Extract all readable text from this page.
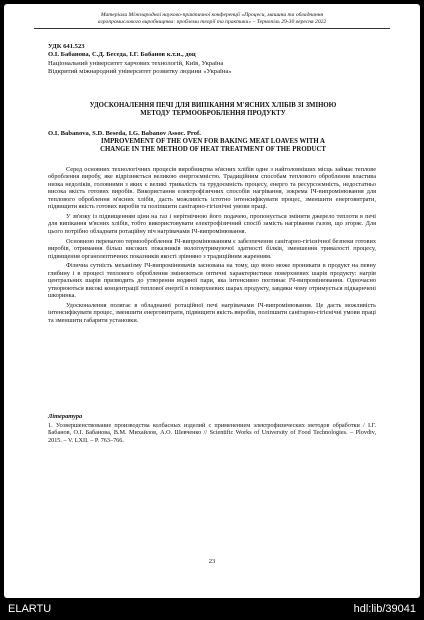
Матеріали Міжнародної науково-практичної конференції «Процеси, машини та обладнання
агропромислового виробництва: проблеми теорії та практики» – Тернопіль 29-30 вересня 2022
УДК 641.523
О.І. Бабанова, С.Д. Беседа, І.Г. Бабанов к.т.н., доц
Національний університет харчових технологій, Київ, Україна
Відкритий міжнародний університет розвитку людини «Україна»
УДОСКОНАЛЕННЯ ПЕЧІ ДЛЯ ВИПІКАННЯ М'ЯСНИХ ХЛІБІВ ЗІ ЗМІНОЮ
МЕТОДУ ТЕРМООБРОБЛЕННЯ ПРОДУКТУ
O.I. Babanova, S.D. Beseda, I.G. Babanov Assoc. Prof.
IMPROVEMENT OF THE OVEN FOR BAKING MEAT LOAVES WITH A
CHANGE IN THE METHOD OF HEAT TREATMENT OF THE PRODUCT

Серед основних технологічних процесів виробництва м'ясних хлібів одне з найголовніших місць займає теплове оброблення виробу, яке відрізняється великою енергоємністю. Традиційним способам теплового оброблення властива низка недоліків, головними з яких є великі тривалість та трудоємність процесу, енерго та ресурсоємність, недостатньо висока якість готових виробів. Використання електрофізичних способів нагрівання, зокрема ІЧ-випромінювання для теплового оброблення м'ясних хлібів, дасть можливість істотно інтенсифікувати процес, зменшити енерговитрати, підвищити якість готових виробів та поліпшити санітарно-гігієнічні умови праці.

У зв'язку із підвищенням ціни на газ і нерітмічною його подачею, пропонується змінити джерело теплоти в печі для випікання м'ясних хлібів, тобто використовувати електрофізичний спосіб замість нагрівання газом, що згоряє. Для цього потрібно обладнати ротаційну піч нагрівачами ІЧ-випромінювання.

Основною перевагою термооброблення ІЧ-випромінюванням є забезпечення санітарно-гігієнічної безпеки готових виробів, отримання більш високих показників вологоутримуючої здатності білків, зменшення тривалості процесу, підвищення органолептичних показників якості зрівняно з традиційним жаренням.

Фізична сутність механізму ІЧ-випромінювачів заснована на тому, що воно може проникати в продукт на певну глибину і в процесі теплового оброблення змінюються оптичні характеристики поверхневих шарів продукту: нагрів центральних шарів призводить до утворення водяної пари, яка інтенсивно поглинає ІЧ-випромінювання. Одночасно утворюються високі концентрації теплової енергії в поверхневих шарах продукту, завдяки чому отримується підкарнчені шкоринка.

Удосконалення полягає в обладнанні ротаційної печі нагрівачами ІЧ-випромінювання. Це дасть можливість інтенсифікувати процес, зменшити енерговитрати, підвищити якість виробів, поліпшити санітарно-гігієнічні умови праці та зменшити габарити установки.

Література
1. Усовершенствование производства колбасных изделий с применением электрофизических методов обработки / І.Г. Бабанов, О.І. Бабанова, В.М. Михайлов, А.О. Шевченко // Scientific Works of University of Food Technologies. – Plovdiv, 2015. – V. LXII. – P. 763–766.
23
ELARTU	hdl:lib/39041
